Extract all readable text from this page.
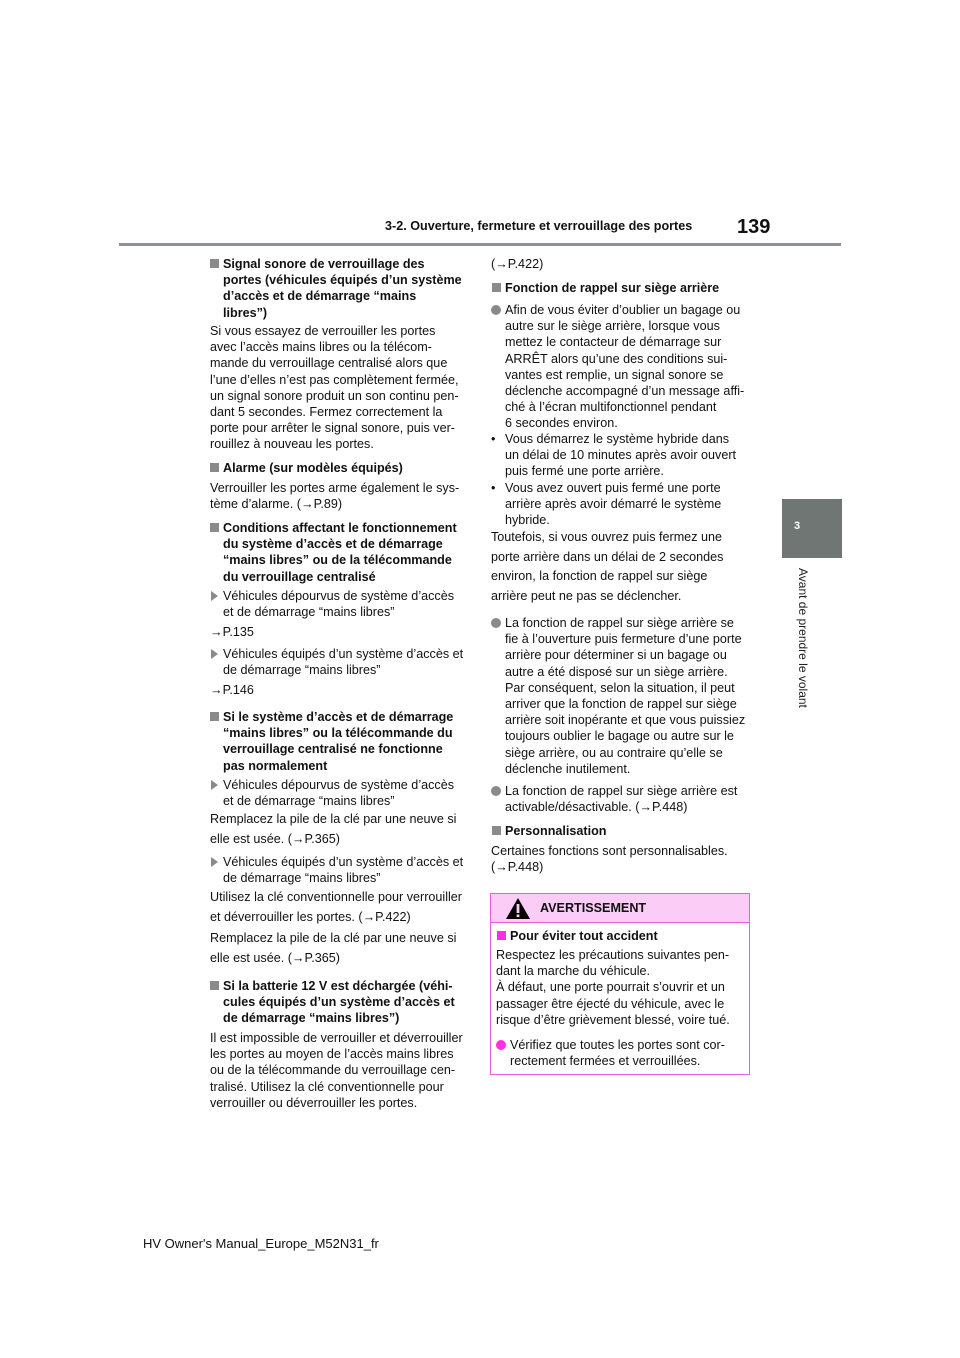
3-2. Ouverture, fermeture et verrouillage des portes 139
3
Avant de prendre le volant
Signal sonore de verrouillage des
portes (véhicules équipés d’un système
d’accès et de démarrage “mains
libres”)
Si vous essayez de verrouiller les portes
avec l’accès mains libres ou la télécom-
mande du verrouillage centralisé alors que
l’une d’elles n’est pas complètement fermée,
un signal sonore produit un son continu pen-
dant 5 secondes. Fermez correctement la
porte pour arrêter le signal sonore, puis ver-
rouillez à nouveau les portes.
Alarme (sur modèles équipés)
Verrouiller les portes arme également le sys-
tème d’alarme. (→P.89)
Conditions affectant le fonctionnement
du système d’accès et de démarrage
“mains libres” ou de la télécommande
du verrouillage centralisé
Véhicules dépourvus de système d’accès
et de démarrage “mains libres”
→P.135
Véhicules équipés d’un système d’accès et
de démarrage “mains libres”
→P.146
Si le système d’accès et de démarrage
“mains libres” ou la télécommande du
verrouillage centralisé ne fonctionne
pas normalement
Véhicules dépourvus de système d’accès
et de démarrage “mains libres”
Remplacez la pile de la clé par une neuve si
elle est usée. (→P.365)
Véhicules équipés d’un système d’accès et
de démarrage “mains libres”
Utilisez la clé conventionnelle pour verrouiller
et déverrouiller les portes. (→P.422)
Remplacez la pile de la clé par une neuve si
elle est usée. (→P.365)
Si la batterie 12 V est déchargée (véhi-
cules équipés d’un système d’accès et
de démarrage “mains libres”)
Il est impossible de verrouiller et déverrouiller
les portes au moyen de l’accès mains libres
ou de la télécommande du verrouillage cen-
tralisé. Utilisez la clé conventionnelle pour
verrouiller ou déverrouiller les portes.
(→P.422)
Fonction de rappel sur siège arrière
Afin de vous éviter d’oublier un bagage ou
autre sur le siège arrière, lorsque vous
mettez le contacteur de démarrage sur
ARRÊT alors qu’une des conditions sui-
vantes est remplie, un signal sonore se
déclenche accompagné d’un message affi-
ché à l’écran multifonctionnel pendant
6 secondes environ.
• Vous démarrez le système hybride dans
un délai de 10 minutes après avoir ouvert
puis fermé une porte arrière.
• Vous avez ouvert puis fermé une porte
arrière après avoir démarré le système
hybride.
Toutefois, si vous ouvrez puis fermez une
porte arrière dans un délai de 2 secondes
environ, la fonction de rappel sur siège
arrière peut ne pas se déclencher.
La fonction de rappel sur siège arrière se
fie à l’ouverture puis fermeture d’une porte
arrière pour déterminer si un bagage ou
autre a été disposé sur un siège arrière.
Par conséquent, selon la situation, il peut
arriver que la fonction de rappel sur siège
arrière soit inopérante et que vous puissiez
toujours oublier le bagage ou autre sur le
siège arrière, ou au contraire qu’elle se
déclenche inutilement.
La fonction de rappel sur siège arrière est
activable/désactivable. (→P.448)
Personnalisation
Certaines fonctions sont personnalisables.
(→P.448)
AVERTISSEMENT
Pour éviter tout accident
Respectez les précautions suivantes pen-
dant la marche du véhicule.
À défaut, une porte pourrait s’ouvrir et un
passager être éjecté du véhicule, avec le
risque d’être grièvement blessé, voire tué.
Vérifiez que toutes les portes sont cor-
rectement fermées et verrouillées.
HV Owner's Manual_Europe_M52N31_fr
